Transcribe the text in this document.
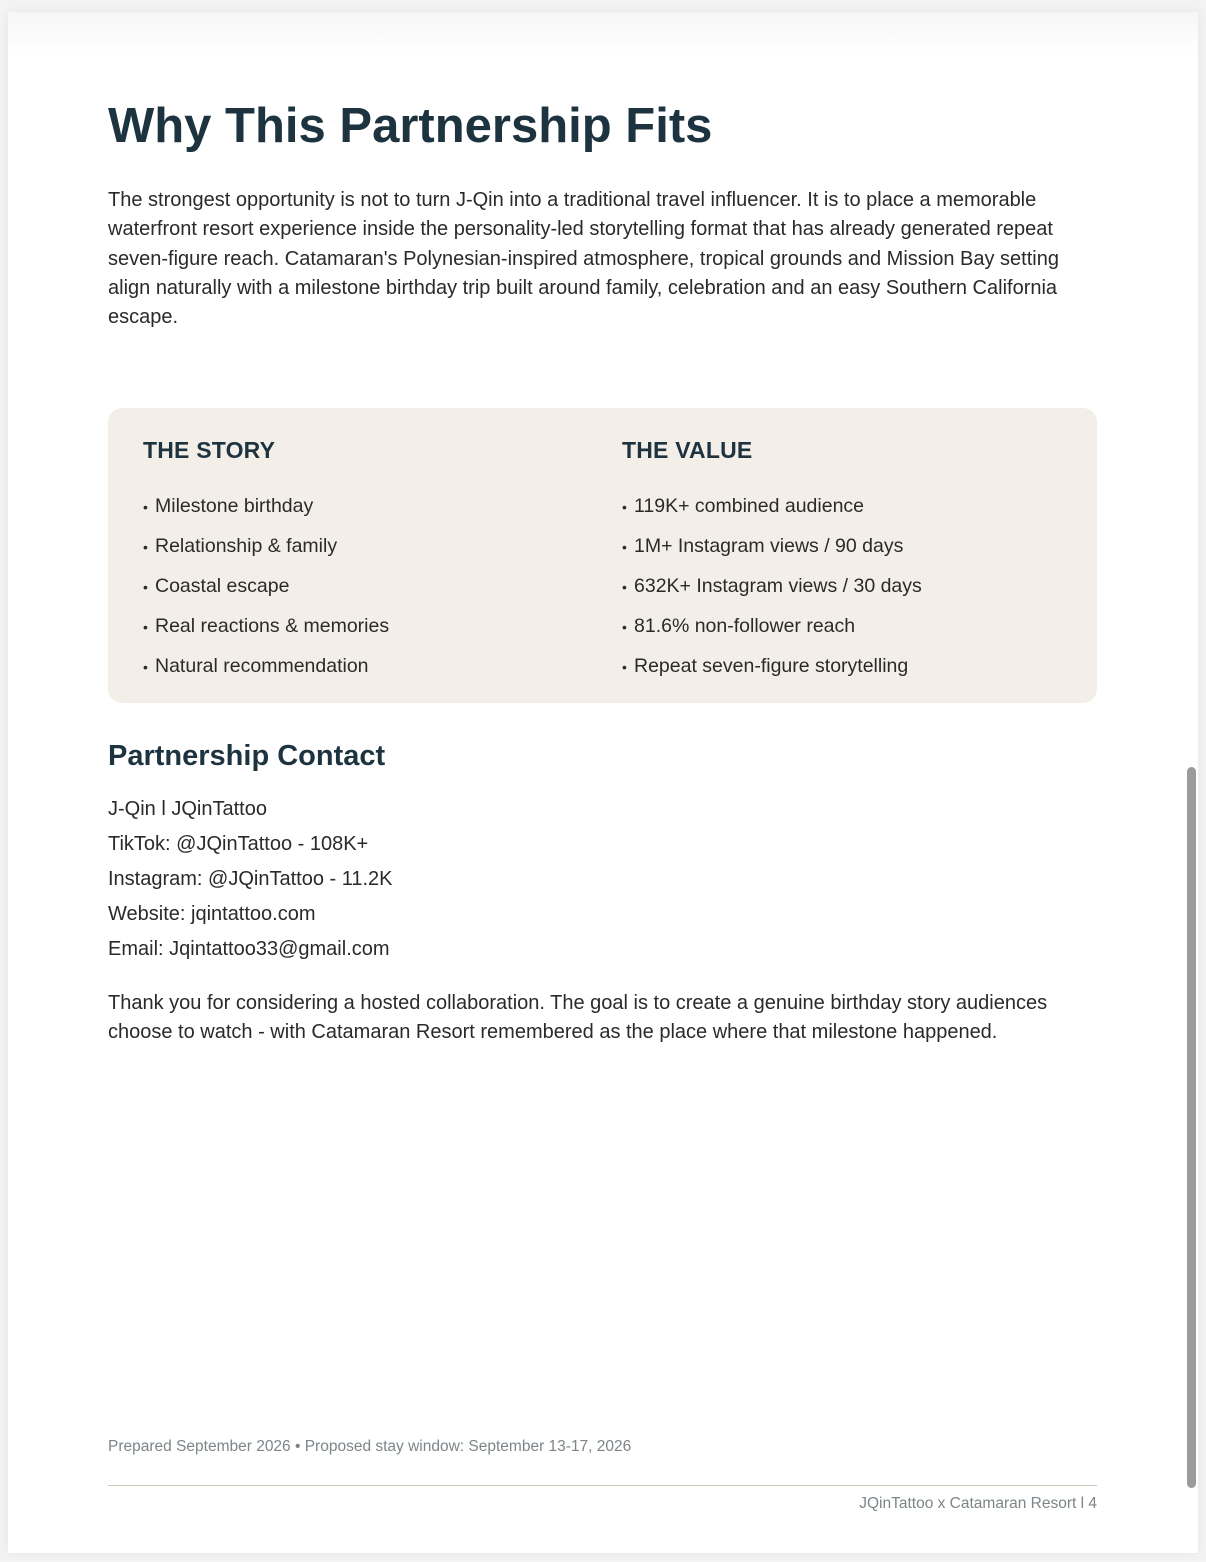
Why This Partnership Fits

The strongest opportunity is not to turn J-Qin into a traditional travel influencer. It is to place a memorable waterfront resort experience inside the personality-led storytelling format that has already generated repeat seven-figure reach. Catamaran's Polynesian-inspired atmosphere, tropical grounds and Mission Bay setting align naturally with a milestone birthday trip built around family, celebration and an easy Southern California escape.

THE STORY
• Milestone birthday
• Relationship & family
• Coastal escape
• Real reactions & memories
• Natural recommendation
THE VALUE
• 119K+ combined audience
• 1M+ Instagram views / 90 days
• 632K+ Instagram views / 30 days
• 81.6% non-follower reach
• Repeat seven-figure storytelling
Partnership Contact
J-Qin l JQinTattoo
TikTok: @JQinTattoo - 108K+
Instagram: @JQinTattoo - 11.2K
Website: jqintattoo.com
Email: Jqintattoo33@gmail.com

Thank you for considering a hosted collaboration. The goal is to create a genuine birthday story audiences choose to watch - with Catamaran Resort remembered as the place where that milestone happened.

Prepared September 2026 • Proposed stay window: September 13-17, 2026
JQinTattoo x Catamaran Resort l 4
